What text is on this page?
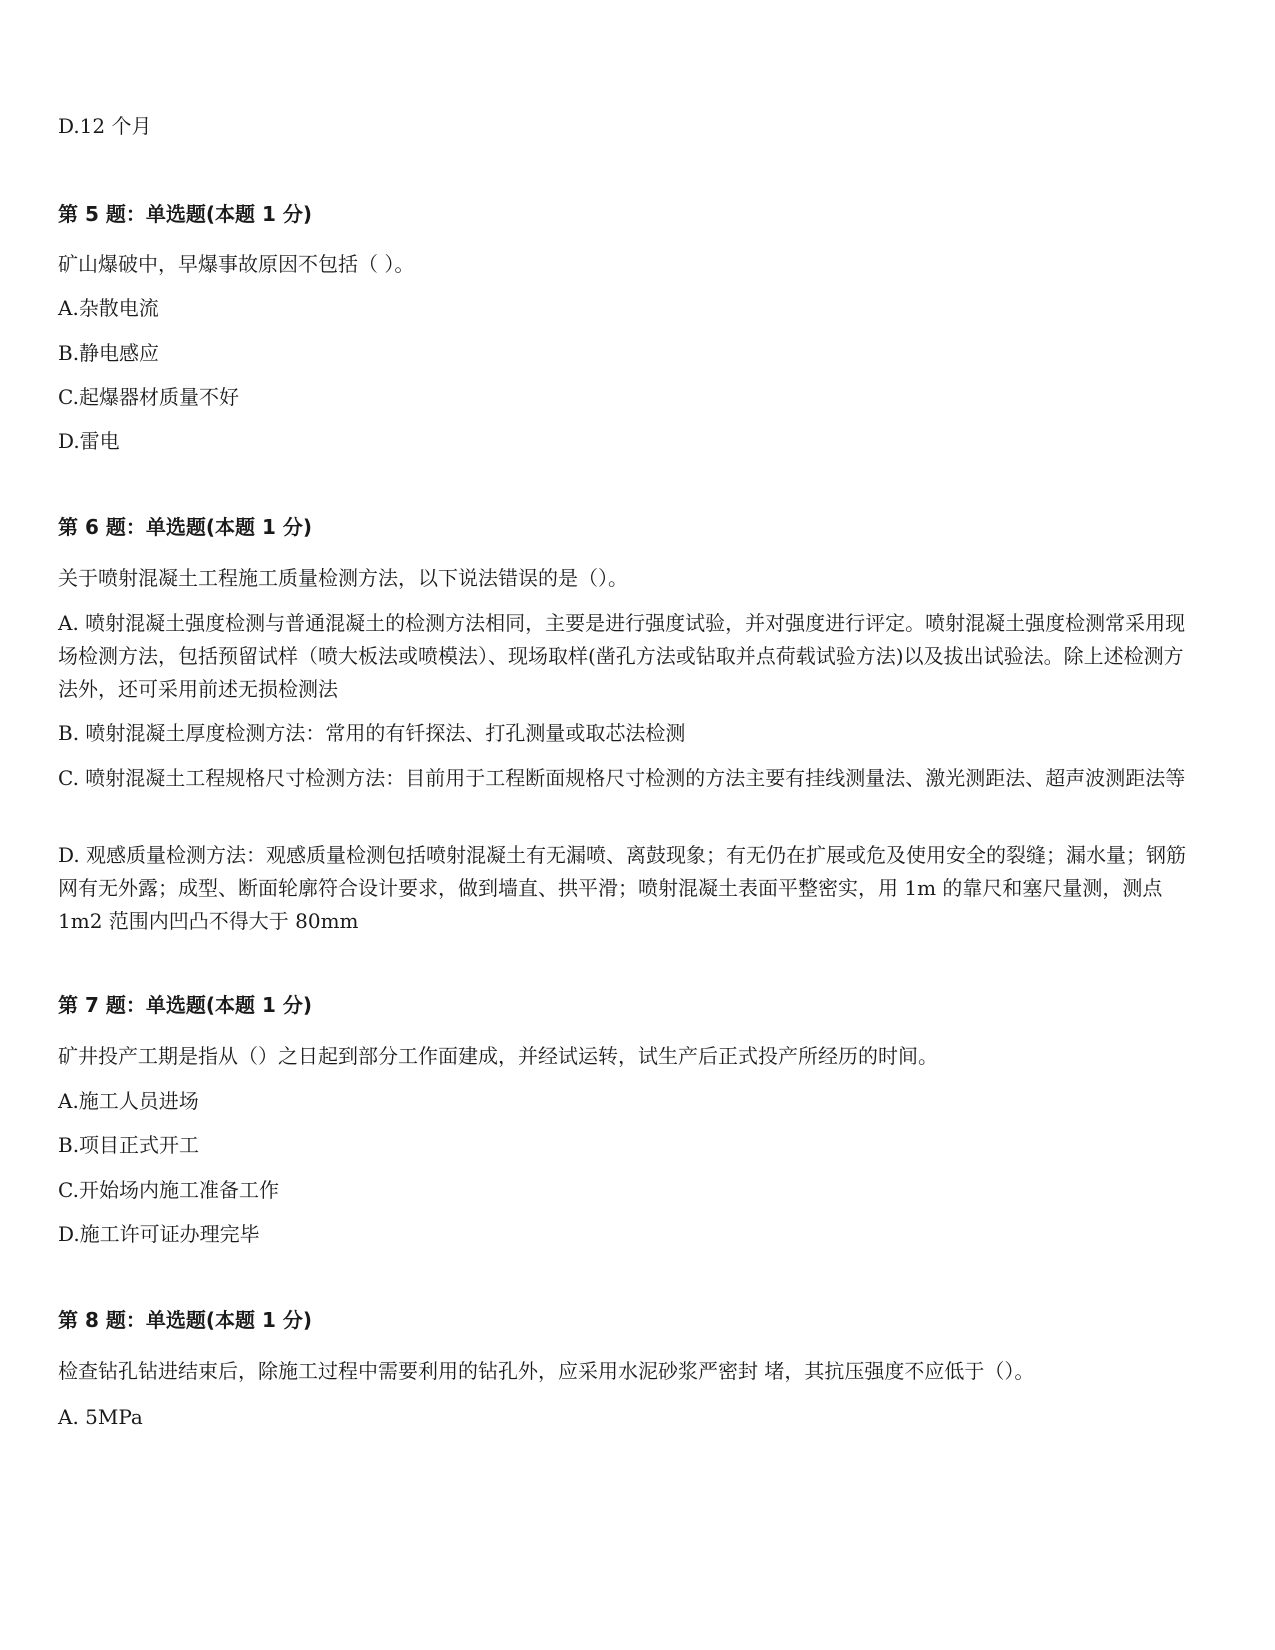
D.12 个月
第 5 题：单选题(本题 1 分)
矿山爆破中，早爆事故原因不包括（ ）。
A.杂散电流
B.静电感应
C.起爆器材质量不好
D.雷电
第 6 题：单选题(本题 1 分)
关于喷射混凝土工程施工质量检测方法，以下说法错误的是（）。
A. 喷射混凝土强度检测与普通混凝土的检测方法相同，主要是进行强度试验，并对强度进行评定。喷射混凝土强度检测常采用现场检测方法，包括预留试样（喷大板法或喷模法）、现场取样(凿孔方法或钻取并点荷载试验方法)以及拔出试验法。除上述检测方法外，还可采用前述无损检测法
B. 喷射混凝土厚度检测方法：常用的有钎探法、打孔测量或取芯法检测
C. 喷射混凝土工程规格尺寸检测方法：目前用于工程断面规格尺寸检测的方法主要有挂线测量法、激光测距法、超声波测距法等
D. 观感质量检测方法：观感质量检测包括喷射混凝土有无漏喷、离鼓现象；有无仍在扩展或危及使用安全的裂缝；漏水量；钢筋网有无外露；成型、断面轮廓符合设计要求，做到墙直、拱平滑；喷射混凝土表面平整密实，用 1m 的靠尺和塞尺量测，测点 1m2 范围内凹凸不得大于 80mm
第 7 题：单选题(本题 1 分)
矿井投产工期是指从（）之日起到部分工作面建成，并经试运转，试生产后正式投产所经历的时间。
A.施工人员进场
B.项目正式开工
C.开始场内施工准备工作
D.施工许可证办理完毕
第 8 题：单选题(本题 1 分)
检查钻孔钻进结束后，除施工过程中需要利用的钻孔外，应采用水泥砂浆严密封 堵，其抗压强度不应低于（）。
A. 5MPa
